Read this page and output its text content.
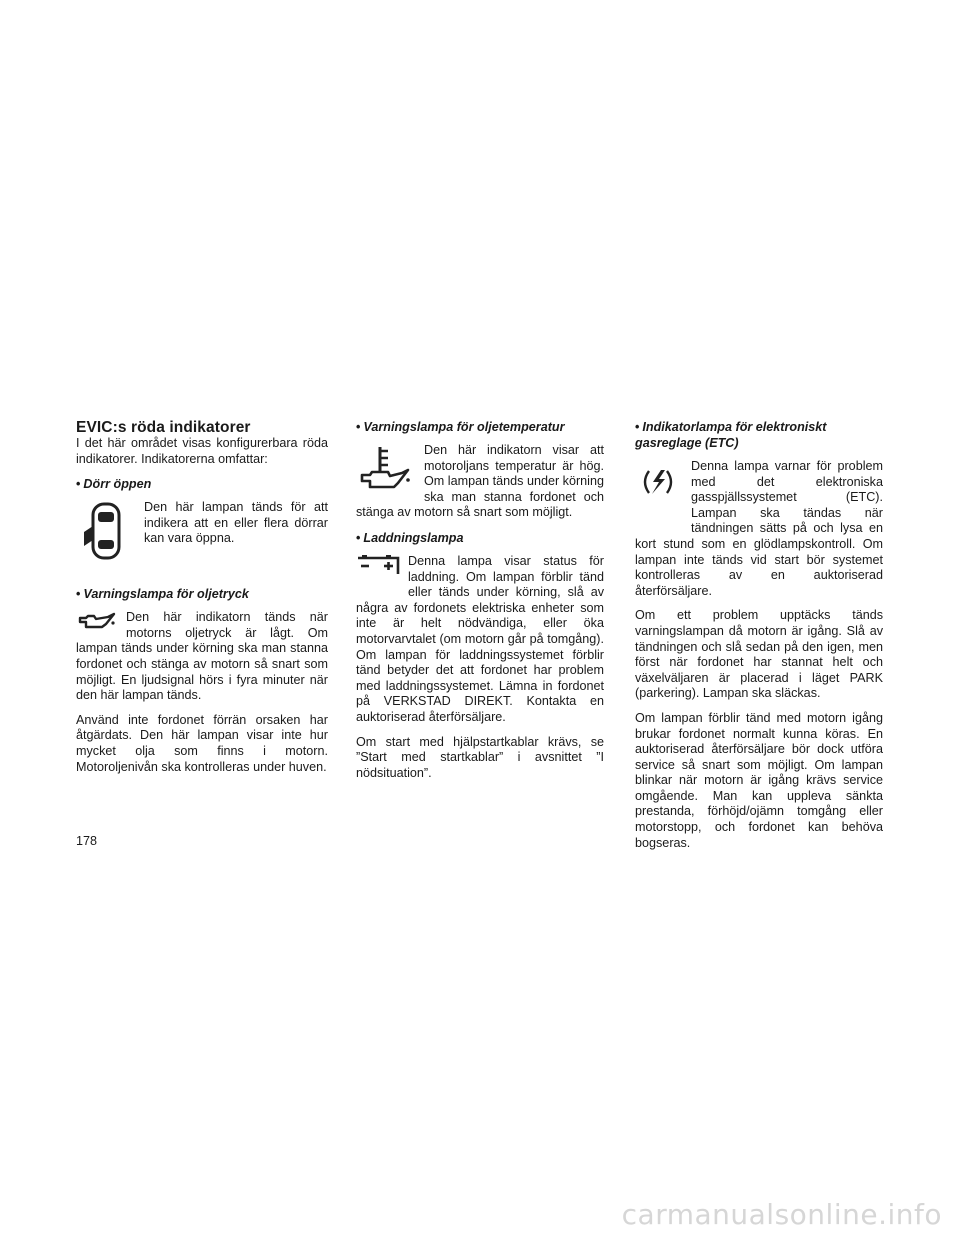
EVIC:s röda indikatorer

I det här området visas konfigurerbara röda indikatorer. Indikatorerna omfattar:

• Dörr öppen
Den här lampan tänds för att indikera att en eller flera dörrar kan vara öppna.
• Varningslampa för oljetryck
Den här indikatorn tänds när motorns oljetryck är lågt. Om lampan tänds under körning ska man stanna fordonet och stänga av motorn så snart som möjligt. En ljudsignal hörs i fyra minuter när den här lampan tänds.

Använd inte fordonet förrän orsaken har åtgärdats. Den här lampan visar inte hur mycket olja som finns i motorn. Motoroljenivån ska kontrolleras under huven.

• Varningslampa för oljetemperatur
Den här indikatorn visar att motoroljans temperatur är hög. Om lampan tänds under körning ska man stanna fordonet och stänga av motorn så snart som möjligt.
• Laddningslampa
Denna lampa visar status för laddning. Om lampan förblir tänd eller tänds under körning, slå av några av fordonets elektriska enheter som inte är helt nödvändiga, eller öka motorvarvtalet (om motorn går på tomgång). Om lampan för laddningssystemet förblir tänd betyder det att fordonet har problem med laddningssystemet. Lämna in fordonet på VERKSTAD DIREKT. Kontakta en auktoriserad återförsäljare.

Om start med hjälpstartkablar krävs, se ”Start med startkablar” i avsnittet ”I nödsituation”.

• Indikatorlampa för elektroniskt gasreglage (ETC)
Denna lampa varnar för problem med det elektroniska gasspjällssystemet (ETC). Lampan ska tändas när tändningen sätts på och lysa en kort stund som en glödlampskontroll. Om lampan inte tänds vid start bör systemet kontrolleras av en auktoriserad återförsäljare.

Om ett problem upptäcks tänds varningslampan då motorn är igång. Slå av tändningen och slå sedan på den igen, men först när fordonet har stannat helt och växelväljaren är placerad i läget PARK (parkering). Lampan ska släckas.

Om lampan förblir tänd med motorn igång brukar fordonet normalt kunna köras. En auktoriserad återförsäljare bör dock utföra service så snart som möjligt. Om lampan blinkar när motorn är igång krävs service omgående. Man kan uppleva sänkta prestanda, förhöjd/ojämn tomgång eller motorstopp, och fordonet kan behöva bogseras.

178
carmanualsonline.info
